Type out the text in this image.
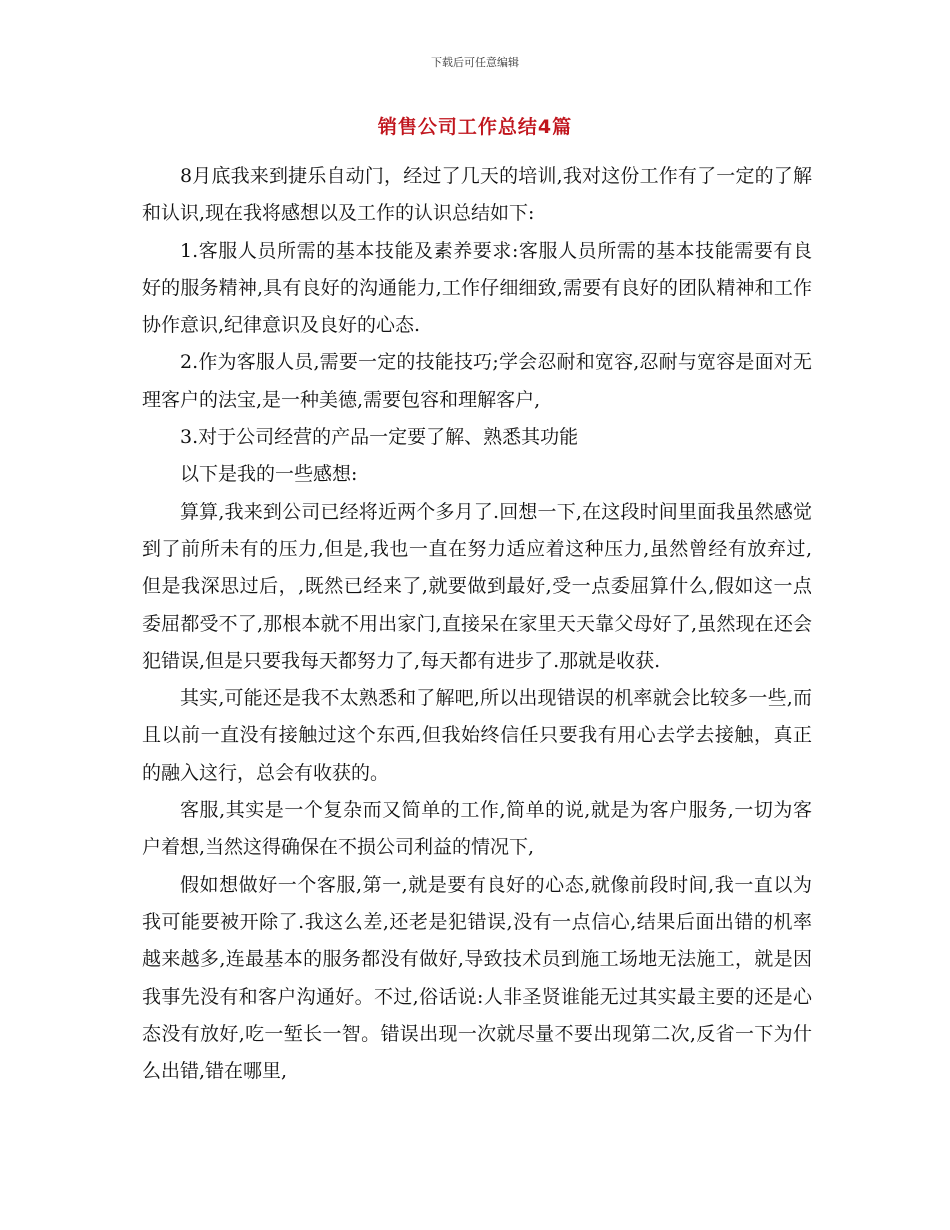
下载后可任意编辑
销售公司工作总结4篇

8月底我来到捷乐自动门，经过了几天的培训,我对这份工作有了一定的了解和认识,现在我将感想以及工作的认识总结如下:

1.客服人员所需的基本技能及素养要求:客服人员所需的基本技能需要有良好的服务精神,具有良好的沟通能力,工作仔细细致,需要有良好的团队精神和工作协作意识,纪律意识及良好的心态.

2.作为客服人员,需要一定的技能技巧;学会忍耐和宽容,忍耐与宽容是面对无理客户的法宝,是一种美德,需要包容和理解客户,

3.对于公司经营的产品一定要了解、熟悉其功能

以下是我的一些感想:

算算,我来到公司已经将近两个多月了.回想一下,在这段时间里面我虽然感觉到了前所未有的压力,但是,我也一直在努力适应着这种压力,虽然曾经有放弃过,但是我深思过后，,既然已经来了,就要做到最好,受一点委屈算什么,假如这一点委屈都受不了,那根本就不用出家门,直接呆在家里天天靠父母好了,虽然现在还会犯错误,但是只要我每天都努力了,每天都有进步了.那就是收获.

其实,可能还是我不太熟悉和了解吧,所以出现错误的机率就会比较多一些,而且以前一直没有接触过这个东西,但我始终信任只要我有用心去学去接触，真正的融入这行，总会有收获的。

客服,其实是一个复杂而又简单的工作,简单的说,就是为客户服务,一切为客户着想,当然这得确保在不损公司利益的情况下,

假如想做好一个客服,第一,就是要有良好的心态,就像前段时间,我一直以为我可能要被开除了.我这么差,还老是犯错误,没有一点信心,结果后面出错的机率越来越多,连最基本的服务都没有做好,导致技术员到施工场地无法施工，就是因我事先没有和客户沟通好。不过,俗话说:人非圣贤谁能无过其实最主要的还是心态没有放好,吃一堑长一智。错误出现一次就尽量不要出现第二次,反省一下为什么出错,错在哪里,
